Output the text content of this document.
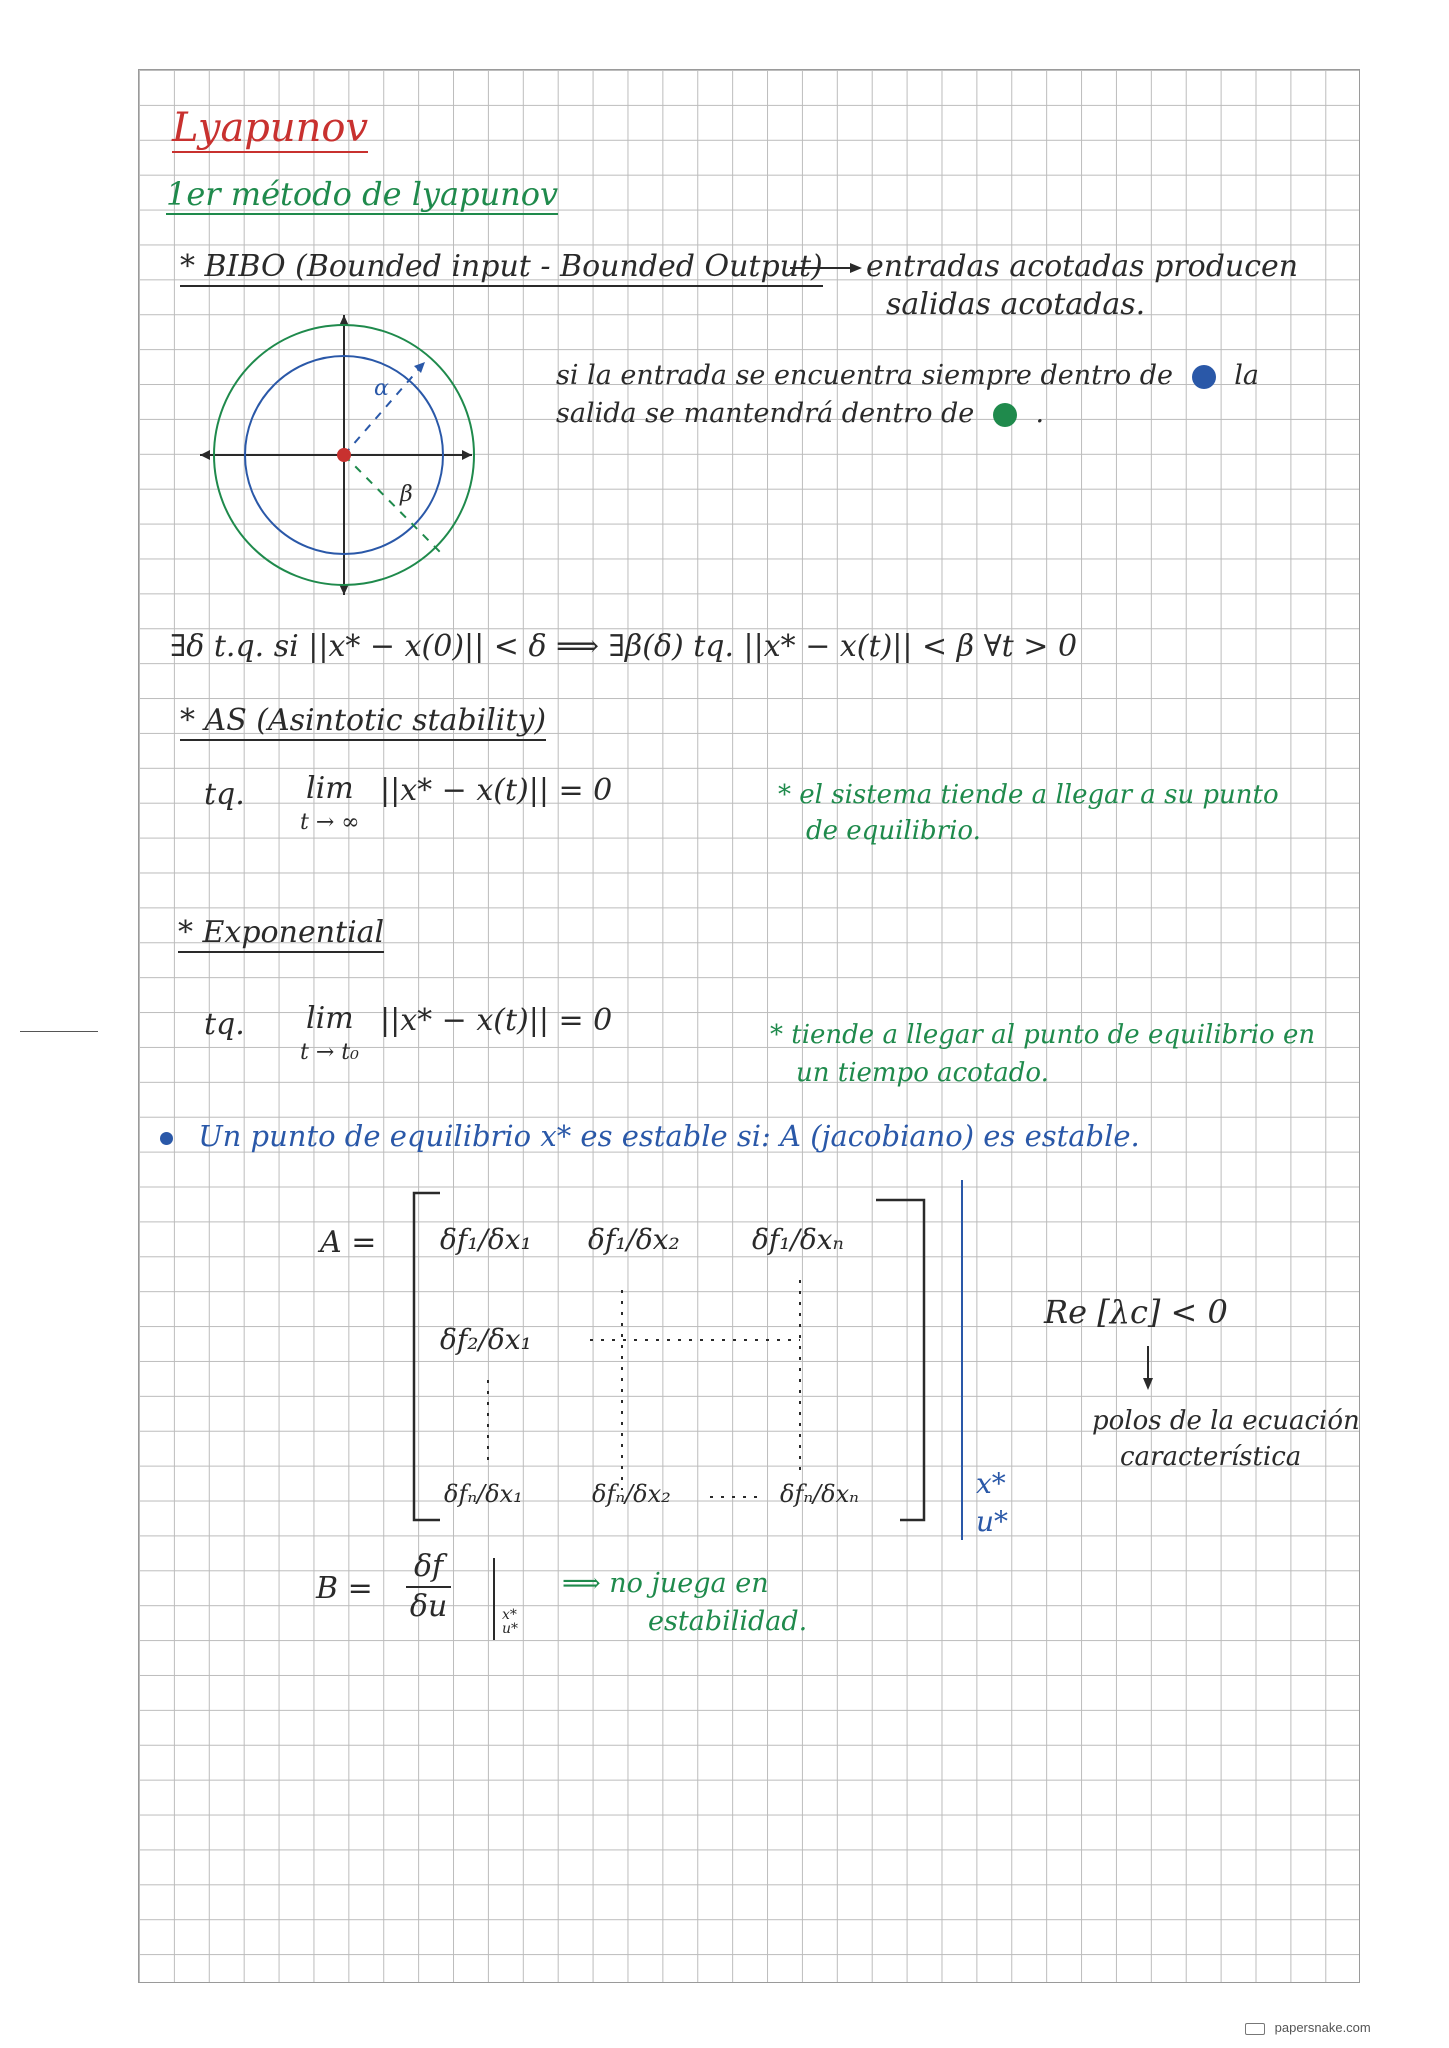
Lyapunov
1er método de lyapunov
* BIBO (Bounded input - Bounded Output) entradas acotadas producen
salidas acotadas.
α
β
si la entrada se encuentra siempre dentro de la
salida se mantendrá dentro de .
∃δ t.q. si ||x* − x(0)|| < δ ⟹ ∃β(δ) tq. ||x* − x(t)|| < β ∀t > 0
* AS (Asintotic stability)
tq. lim
t → ∞
||x* − x(t)|| = 0	* el sistema tiende a llegar a su punto
de equilibrio.
* Exponential
tq. lim
t → t₀
||x* − x(t)|| = 0	* tiende a llegar al punto de equilibrio en
un tiempo acotado.
Un punto de equilibrio x* es estable si: A (jacobiano) es estable.
A = δf₁/δx₁ δf₁/δx₂	δf₁/δxₙ
δf₂/δx₁
δfₙ/δx₁	δfₙ/δx₂	δfₙ/δxₙ	x*
u*
Re [λc] < 0
polos de la ecuación
característica
$B = \frac{\delta f}{\delta u}$	x* u*
⟹ no juega en
estabilidad.
papersnake.com
